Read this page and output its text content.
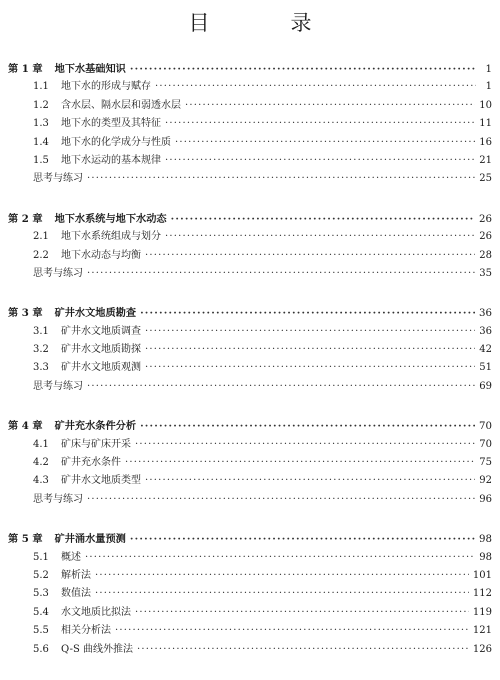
目　录
第 1 章 地下水基础知识 ·····	1
1.1	地下水的形成与赋存 ·····	1
1.2	含水层、隔水层和弱透水层 ·····	10
1.3	地下水的类型及其特征 ·····	11
1.4	地下水的化学成分与性质 ·····	16
1.5	地下水运动的基本规律 ·····	21
思考与练习 ·····	25
第 2 章 地下水系统与地下水动态 ·····	26
2.1	地下水系统组成与划分 ·····	26
2.2	地下水动态与均衡 ·····	28
思考与练习 ·····	35
第 3 章 矿井水文地质勘查 ·····	36
3.1	矿井水文地质调查 ·····	36
3.2	矿井水文地质勘探 ·····	42
3.3	矿井水文地质观测 ·····	51
思考与练习 ·····	69
第 4 章 矿井充水条件分析 ·····	70
4.1	矿床与矿床开采 ·····	70
4.2	矿井充水条件 ·····	75
4.3	矿井水文地质类型 ·····	92
思考与练习 ·····	96
第 5 章 矿井涌水量预测 ·····	98
5.1	概述 ·····	98
5.2	解析法 ·····	101
5.3	数值法 ·····	112
5.4	水文地质比拟法 ·····	119
5.5	相关分析法 ·····	121
5.6	Q-S 曲线外推法 ·····	126
